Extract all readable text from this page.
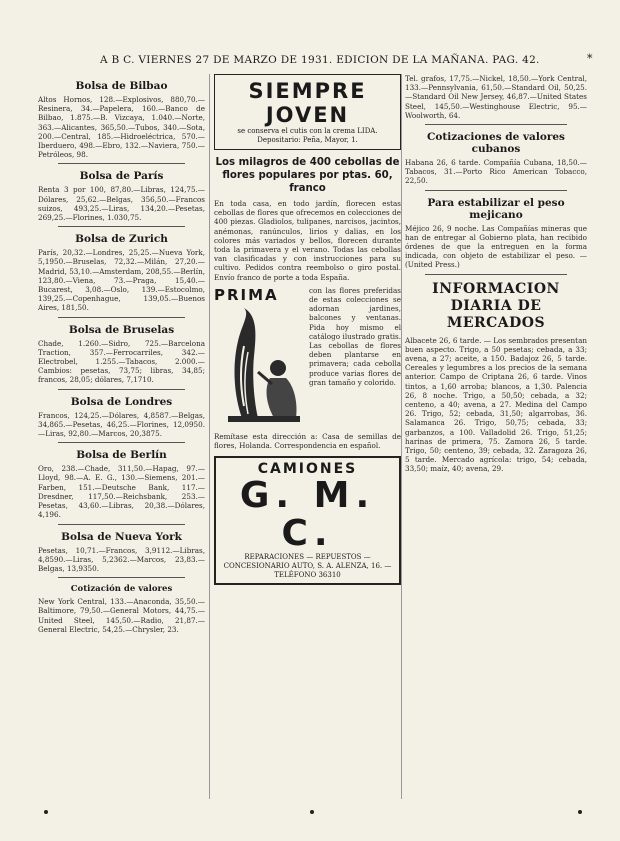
A B C. VIERNES 27 DE MARZO DE 1931. EDICION DE LA MAÑANA. PAG. 42.	*
Bolsa de Bilbao

Altos Hornos, 128.—Explosivos, 880,70.—Resinera, 34.—Papelera, 160.—Banco de Bilbao, 1.875.—B. Vizcaya, 1.040.—Norte, 363.—Alicantes, 365,50.—Tubos, 340.—Sota, 200.—Central, 185.—Hidroeléctrica, 570.—Iberduero, 498.—Ebro, 132.—Naviera, 750.—Petróleos, 98.

Bolsa de París

Renta 3 por 100, 87,80.—Libras, 124,75.—Dólares, 25,62.—Belgas, 356,50.—Francos suizos, 493,25.—Liras, 134,20.—Pesetas, 269,25.—Florines, 1.030,75.

Bolsa de Zurich

París, 20,32.—Londres, 25,25.—Nueva York, 5,1950.—Bruselas, 72,32.—Milán, 27,20.—Madrid, 53,10.—Amsterdam, 208,55.—Berlín, 123,80.—Viena, 73.—Praga, 15,40.—Bucarest, 3,08.—Oslo, 139.—Estocolmo, 139,25.—Copenhague, 139,05.—Buenos Aires, 181,50.

Bolsa de Bruselas

Chade, 1.260.—Sidro, 725.—Barcelona Traction, 357.—Ferrocarriles, 342.—Electrobel, 1.255.—Tabacos, 2.000.—Cambios: pesetas, 73,75; libras, 34,85; francos, 28,05; dólares, 7,1710.

Bolsa de Londres

Francos, 124,25.—Dólares, 4,8587.—Belgas, 34,865.—Pesetas, 46,25.—Florines, 12,0950.—Liras, 92,80.—Marcos, 20,3875.

Bolsa de Berlín

Oro, 238.—Chade, 311,50.—Hapag, 97.—Lloyd, 98.—A. E. G., 130.—Siemens, 201.—Farben, 151.—Deutsche Bank, 117.—Dresdner, 117,50.—Reichsbank, 253.—Pesetas, 43,60.—Libras, 20,38.—Dólares, 4,196.

Bolsa de Nueva York

Pesetas, 10,71.—Francos, 3,9112.—Libras, 4,8590.—Liras, 5,2362.—Marcos, 23,83.—Belgas, 13,9350.

Cotización de valores

New York Central, 133.—Anaconda, 35,50.—Baltimore, 79,50.—General Motors, 44,75.—United Steel, 145,50.—Radio, 21,87.—General Electric, 54,25.—Chrysler, 23.

SIEMPRE JOVEN
se conserva el cutis con la crema LIDA. Depositario: Peña, Mayor, 1.
Los milagros de 400 cebollas de flores populares por ptas. 60, franco

En toda casa, en todo jardín, florecen estas cebollas de flores que ofrecemos en colecciones de 400 piezas. Gladiolos, tulipanes, narcisos, jacintos, anémonas, ranúnculos, lirios y dalias, en los colores más variados y bellos, florecen durante toda la primavera y el verano. Todas las cebollas van clasificadas y con instrucciones para su cultivo. Pedidos contra reembolso o giro postal. Envío franco de porte a toda España.

PRIMA	con las flores preferidas de estas colecciones se adornan jardines, balcones y ventanas. Pida hoy mismo el catálogo ilustrado gratis. Las cebollas de flores deben plantarse en primavera; cada cebolla produce varias flores de gran tamaño y colorido.

Remítase esta dirección a: Casa de semillas de flores, Holanda. Correspondencia en español.

CAMIONES
G. M. C.
REPARACIONES — REPUESTOS — CONCESIONARIO AUTO, S. A. ALENZA, 16. — TELÉFONO 36310

Tel. grafos, 17,75.—Nickel, 18,50.—York Central, 133.—Pennsylvania, 61,50.—Standard Oil, 50,25.—Standard Oil New Jersey, 46,87.—United States Steel, 145,50.—Westinghouse Electric, 95.—Woolworth, 64.

Cotizaciones de valores cubanos

Habana 26, 6 tarde. Compañía Cubana, 18,50.—Tabacos, 31.—Porto Rico American Tobacco, 22,50.

Para estabilizar el peso mejicano

Méjico 26, 9 noche. Las Compañías mineras que han de entregar al Gobierno plata, han recibido órdenes de que la entreguen en la forma indicada, con objeto de estabilizar el peso. — (United Press.)

INFORMACION DIARIA DE MERCADOS

Albacete 26, 6 tarde. — Los sembrados presentan buen aspecto. Trigo, a 50 pesetas; cebada, a 33; avena, a 27; aceite, a 150. Badajoz 26, 5 tarde. Cereales y legumbres a los precios de la semana anterior. Campo de Criptana 26, 6 tarde. Vinos tintos, a 1,60 arroba; blancos, a 1,30. Palencia 26, 8 noche. Trigo, a 50,50; cebada, a 32; centeno, a 40; avena, a 27. Medina del Campo 26. Trigo, 52; cebada, 31,50; algarrobas, 36. Salamanca 26. Trigo, 50,75; cebada, 33; garbanzos, a 100. Valladolid 26. Trigo, 51,25; harinas de primera, 75. Zamora 26, 5 tarde. Trigo, 50; centeno, 39; cebada, 32. Zaragoza 26, 5 tarde. Mercado agrícola: trigo, 54; cebada, 33,50; maíz, 40; avena, 29.
